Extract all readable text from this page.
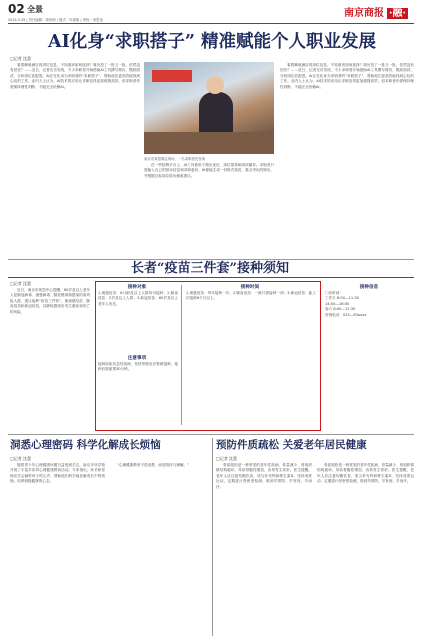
02 全景
2024.5.29 | 责任编辑：廖泽洲 | 版式：叶素敏 | 审校：何思蓓
南京商报 ·融·
AI化身“求职搭子” 精准赋能个人职业发展
□记者 沈蕾

看着琳琅满目的岗位信息，不知道该如何选择？简历投了一批又一批，依然没有回音？……近日，记者走访发现，不少求职者开始借助AI工具撰写简历、模拟面试、分析岗位匹配度。AI正在化身为求职者的“求职搭子”，帮助他们更高效地找到心仪的工作。业内人士认为，AI技术的应用让求职变得更加便捷高效，但求职者仍需保持理性判断，不能完全依赖AI。

南京市某招聘会现场，一名求职者在咨询

在一些招聘平台上，AI工具被用于简历优化、岗位推荐和面试辅导。求职者只需输入自己的基本信息和求职意向，AI便能生成一份格式规范、重点突出的简历，并根据目标岗位给出修改建议。

看着琳琅满目的岗位信息，不知道该如何选择？简历投了一批又一批，依然没有回音？……近日，记者走访发现，不少求职者开始借助AI工具撰写简历、模拟面试、分析岗位匹配度。AI正在化身为求职者的“求职搭子”，帮助他们更高效地找到心仪的工作。业内人士认为，AI技术的应用让求职变得更加便捷高效，但求职者仍需保持理性判断，不能完全依赖AI。

长者“疫苗三件套”接种须知
□记者 沈蕾

近日，南京市疾控中心提醒，60岁及以上老年人是新冠病毒、流感病毒、肺炎链球菌感染的高风险人群，建议接种“疫苗三件套”，即流感疫苗、肺炎疫苗和新冠疫苗，以降低感染后发生重症和死亡的风险。

接种对象
1.流感疫苗：6月龄及以上人群均可接种；2.肺炎疫苗：2岁及以上人群；3.新冠疫苗：60岁及以上老年人优先。
注意事项
接种前如有急性疾病、发热等情况应暂缓接种，接种后需留观30分钟。
接种时间
1.流感疫苗：每年接种一次；2.肺炎疫苗：一般只需接种一剂；3.新冠疫苗：距上次接种6个月以上。
接种信息
门诊时间：
工作日 8:00—11:30
14:00—16:00
周六 8:00—11:30
咨询电话：025—83xxxx
洞悉心理密码 科学化解成长烦恼
□记者 沈蕾

随着青少年心理健康问题日益受到关注，南京多所学校开展了丰富多彩的心理健康教育活动。专家指出，家长和老师应学会倾听孩子的心声，帮助他们科学地化解成长中的烦恼，培养积极健康的心态。

“心理健康教育不是说教，而是陪伴与理解。”

预防件质疏松 关爱老年居民健康
□记者 沈蕾

骨质疏松是一种常见的老年性疾病，骨量减少、骨组织微结构破坏，导致骨脆性增加，容易发生骨折。医生提醒，老年人应注意均衡饮食，适当补充钙和维生素D，坚持适度运动，定期进行骨密度检测，做到早预防、早发现、早治疗。

骨质疏松是一种常见的老年性疾病，骨量减少、骨组织微结构破坏，导致骨脆性增加，容易发生骨折。医生提醒，老年人应注意均衡饮食，适当补充钙和维生素D，坚持适度运动，定期进行骨密度检测，做到早预防、早发现、早治疗。
